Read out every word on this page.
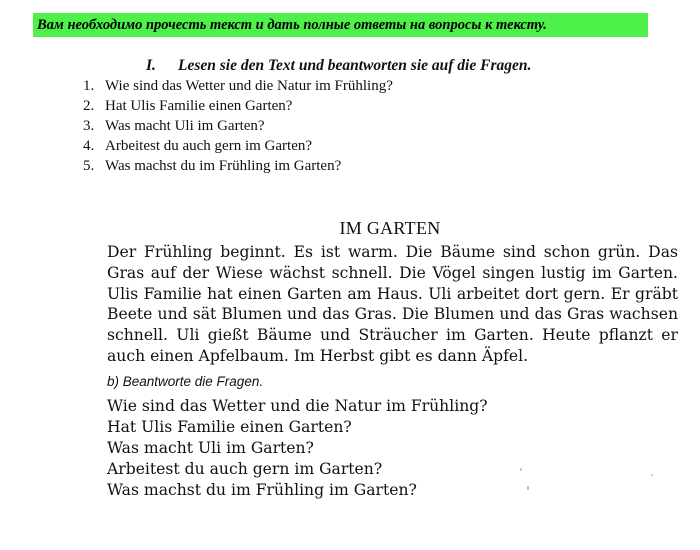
Вам необходимо прочесть текст и дать полные ответы на вопросы к тексту.
I. Lesen sie den Text und beantworten sie auf die Fragen.
1. Wie sind das Wetter und die Natur im Frühling?
2. Hat Ulis Familie einen Garten?
3. Was macht Uli im Garten?
4. Arbeitest du auch gern im Garten?
5. Was machst du im Frühling im Garten?
IM GARTEN
Der Frühling beginnt. Es ist warm. Die Bäume sind schon grün. Das Gras auf der Wiese wächst schnell. Die Vögel singen lustig im Garten. Ulis Familie hat einen Garten am Haus. Uli arbeitet dort gern. Er gräbt Beete und sät Blumen und das Gras. Die Blumen und das Gras wachsen schnell. Uli gießt Bäume und Sträucher im Garten. Heute pflanzt er auch einen Apfelbaum. Im Herbst gibt es dann Äpfel.
b) Beantworte die Fragen.
Wie sind das Wetter und die Natur im Frühling?
Hat Ulis Familie einen Garten?
Was macht Uli im Garten?
Arbeitest du auch gern im Garten?
Was machst du im Frühling im Garten?
